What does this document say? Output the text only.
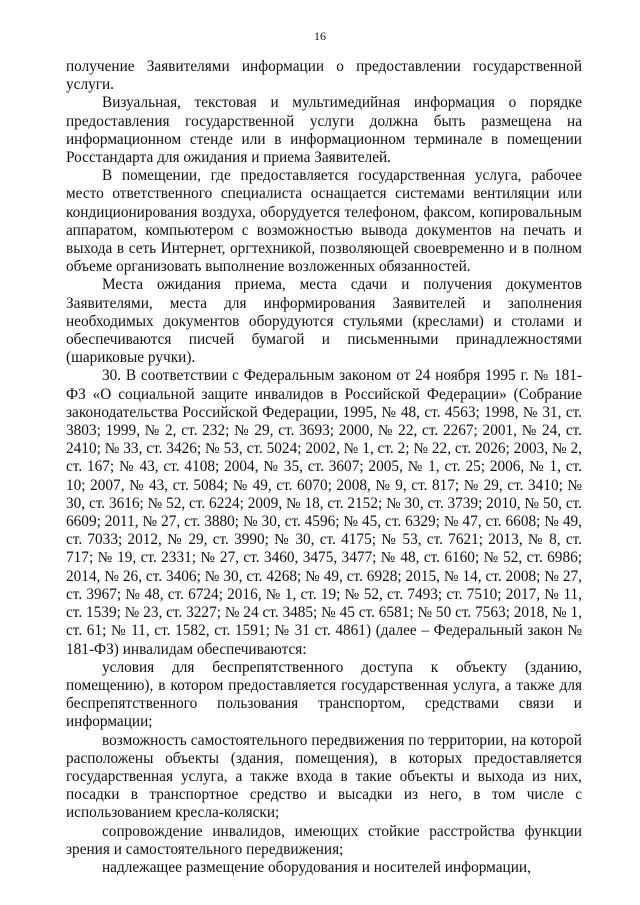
16

получение Заявителями информации о предоставлении государственной услуги.

Визуальная, текстовая и мультимедийная информация о порядке предоставления государственной услуги должна быть размещена на информационном стенде или в информационном терминале в помещении Росстандарта для ожидания и приема Заявителей.

В помещении, где предоставляется государственная услуга, рабочее место ответственного специалиста оснащается системами вентиляции или кондиционирования воздуха, оборудуется телефоном, факсом, копировальным аппаратом, компьютером с возможностью вывода документов на печать и выхода в сеть Интернет, оргтехникой, позволяющей своевременно и в полном объеме организовать выполнение возложенных обязанностей.

Места ожидания приема, места сдачи и получения документов Заявителями, места для информирования Заявителей и заполнения необходимых документов оборудуются стульями (креслами) и столами и обеспечиваются писчей бумагой и письменными принадлежностями (шариковые ручки).

30. В соответствии с Федеральным законом от 24 ноября 1995 г. № 181-ФЗ «О социальной защите инвалидов в Российской Федерации» (Собрание законодательства Российской Федерации, 1995, № 48, ст. 4563; 1998, № 31, ст. 3803; 1999, № 2, ст. 232; № 29, ст. 3693; 2000, № 22, ст. 2267; 2001, № 24, ст. 2410; № 33, ст. 3426; № 53, ст. 5024; 2002, № 1, ст. 2; № 22, ст. 2026; 2003, № 2, ст. 167; № 43, ст. 4108; 2004, № 35, ст. 3607; 2005, № 1, ст. 25; 2006, № 1, ст. 10; 2007, № 43, ст. 5084; № 49, ст. 6070; 2008, № 9, ст. 817; № 29, ст. 3410; № 30, ст. 3616; № 52, ст. 6224; 2009, № 18, ст. 2152; № 30, ст. 3739; 2010, № 50, ст. 6609; 2011, № 27, ст. 3880; № 30, ст. 4596; № 45, ст. 6329; № 47, ст. 6608; № 49, ст. 7033; 2012, № 29, ст. 3990; № 30, ст. 4175; № 53, ст. 7621; 2013, № 8, ст. 717; № 19, ст. 2331; № 27, ст. 3460, 3475, 3477; № 48, ст. 6160; № 52, ст. 6986; 2014, № 26, ст. 3406; № 30, ст. 4268; № 49, ст. 6928; 2015, № 14, ст. 2008; № 27, ст. 3967; № 48, ст. 6724; 2016, № 1, ст. 19; № 52, ст. 7493; ст. 7510; 2017, № 11, ст. 1539; № 23, ст. 3227; № 24 ст. 3485; № 45 ст. 6581; № 50 ст. 7563; 2018, № 1, ст. 61; № 11, ст. 1582, ст. 1591; № 31 ст. 4861) (далее – Федеральный закон № 181-ФЗ) инвалидам обеспечиваются:

условия для беспрепятственного доступа к объекту (зданию, помещению), в котором предоставляется государственная услуга, а также для беспрепятственного пользования транспортом, средствами связи и информации;

возможность самостоятельного передвижения по территории, на которой расположены объекты (здания, помещения), в которых предоставляется государственная услуга, а также входа в такие объекты и выхода из них, посадки в транспортное средство и высадки из него, в том числе с использованием кресла-коляски;

сопровождение инвалидов, имеющих стойкие расстройства функции зрения и самостоятельного передвижения;

надлежащее размещение оборудования и носителей информации,
